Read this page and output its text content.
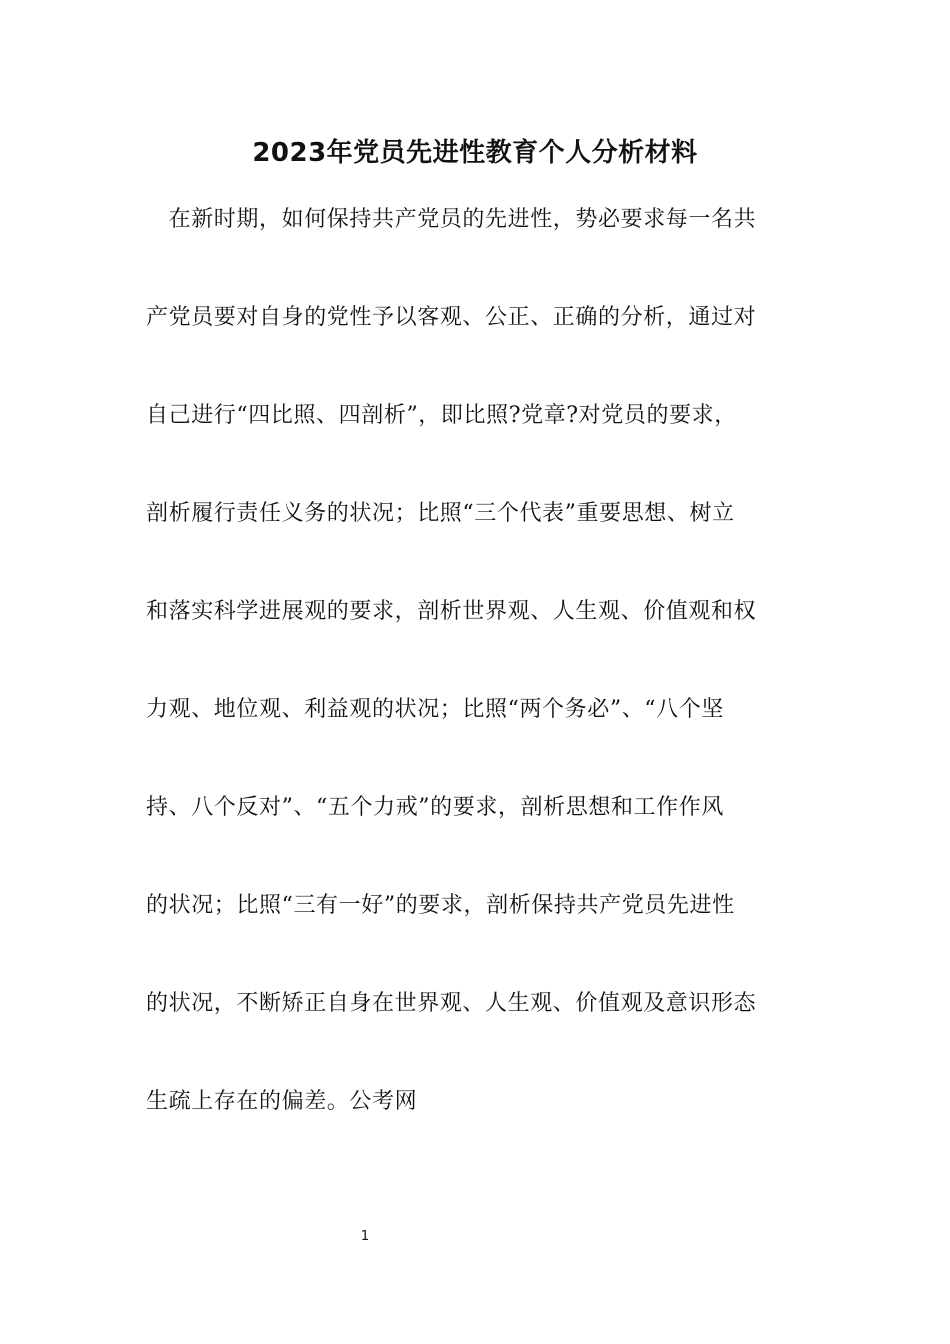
2023年党员先进性教育个人分析材料
　在新时期，如何保持共产党员的先进性，势必要求每一名共
产党员要对自身的党性予以客观、公正、正确的分析，通过对
自己进行“四比照、四剖析”，即比照?党章?对党员的要求，
剖析履行责任义务的状况；比照“三个代表”重要思想、树立
和落实科学进展观的要求，剖析世界观、人生观、价值观和权
力观、地位观、利益观的状况；比照“两个务必”、“八个坚
持、八个反对”、“五个力戒”的要求，剖析思想和工作作风
的状况；比照“三有一好”的要求，剖析保持共产党员先进性
的状况，不断矫正自身在世界观、人生观、价值观及意识形态
生疏上存在的偏差。公考网
1
